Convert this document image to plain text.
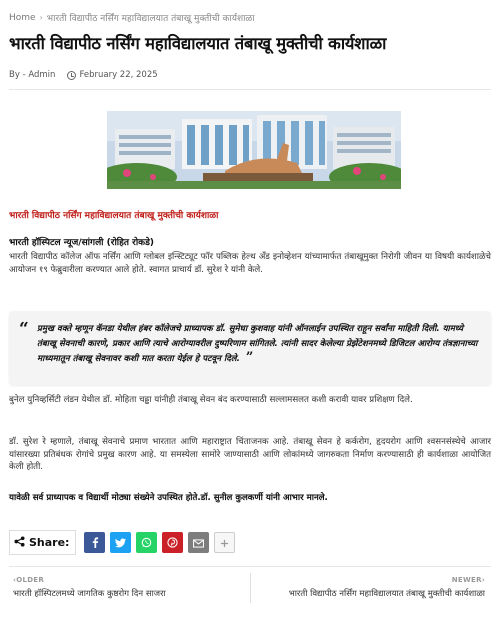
Home › भारती विद्यापीठ नर्सिंग महाविद्यालयात तंबाखू मुक्तीची कार्यशाळा
भारती विद्यापीठ नर्सिंग महाविद्यालयात तंबाखू मुक्तीची कार्यशाळा
By - Admin	February 22, 2025
भारती विद्यापीठ नर्सिंग महाविद्यालयात तंबाखू मुक्तीची कार्यशाळा
भारती हॉस्पिटल न्यूज/सांगली (रोहित रोकडे)

भारती विद्यापीठ कॉलेज ऑफ नर्सिंग आणि ग्लोबल इन्स्टिट्यूट फॉर पब्लिक हेल्थ अँड इनोव्हेशन यांच्यामार्फत तंबाखूमुक्त निरोगी जीवन या विषयी कार्यशाळेचे आयोजन १९ फेब्रुवारीला करण्यात आले होते. स्वागत प्राचार्य डॉ. सुरेश रे यांनी केले.

“ प्रमुख वक्ते म्हणून कॅनडा येथील हंबर कॉलेजचे प्राध्यापक डॉ. सुमेधा कुशवाह यांनी ऑनलाईन उपस्थित राहून सर्वांना माहिती दिली. यामध्ये तंबाखू सेवनाची कारणे, प्रकार आणि त्याचे आरोग्यावरील दुष्परिणाम सांगितले. त्यांनी सादर केलेल्या प्रेझेंटेशनमध्ये डिजिटल आरोग्य तंत्रज्ञानाच्या माध्यमातून तंबाखू सेवनावर कशी मात करता येईल हे पटवून दिले. ”

बुनेल युनिव्हर्सिटी लंडन येथील डॉ. मोहिता चढ्ढा यांनीही तंबाखू सेवन बंद करण्यासाठी सल्लामसलत कशी करावी यावर प्रशिक्षण दिले.

डॉ. सुरेश रे म्हणाले, तंबाखू सेवनाचे प्रमाण भारतात आणि महाराष्ट्रात चिंताजनक आहे. तंबाखू सेवन हे कर्करोग, हृदयरोग आणि श्वसनसंस्थेचे आजार यांसारख्या प्रतिबंधक रोगांचे प्रमुख कारण आहे. या समस्येला सामोरे जाण्यासाठी आणि लोकांमध्ये जागरुकता निर्माण करण्यासाठी ही कार्यशाळा आयोजित केली होती.

यावेळी सर्व प्राध्यापक व विद्यार्थी मोठ्या संख्येने उपस्थित होते.डॉ. सुनील कुलकर्णी यांनी आभार मानले.

Share:
‹OLDER
भारती हॉस्पिटलमध्ये जागतिक कुष्ठरोग दिन साजरा
NEWER›
भारती विद्यापीठ नर्सिंग महाविद्यालयात तंबाखू मुक्तीची कार्यशाळा
